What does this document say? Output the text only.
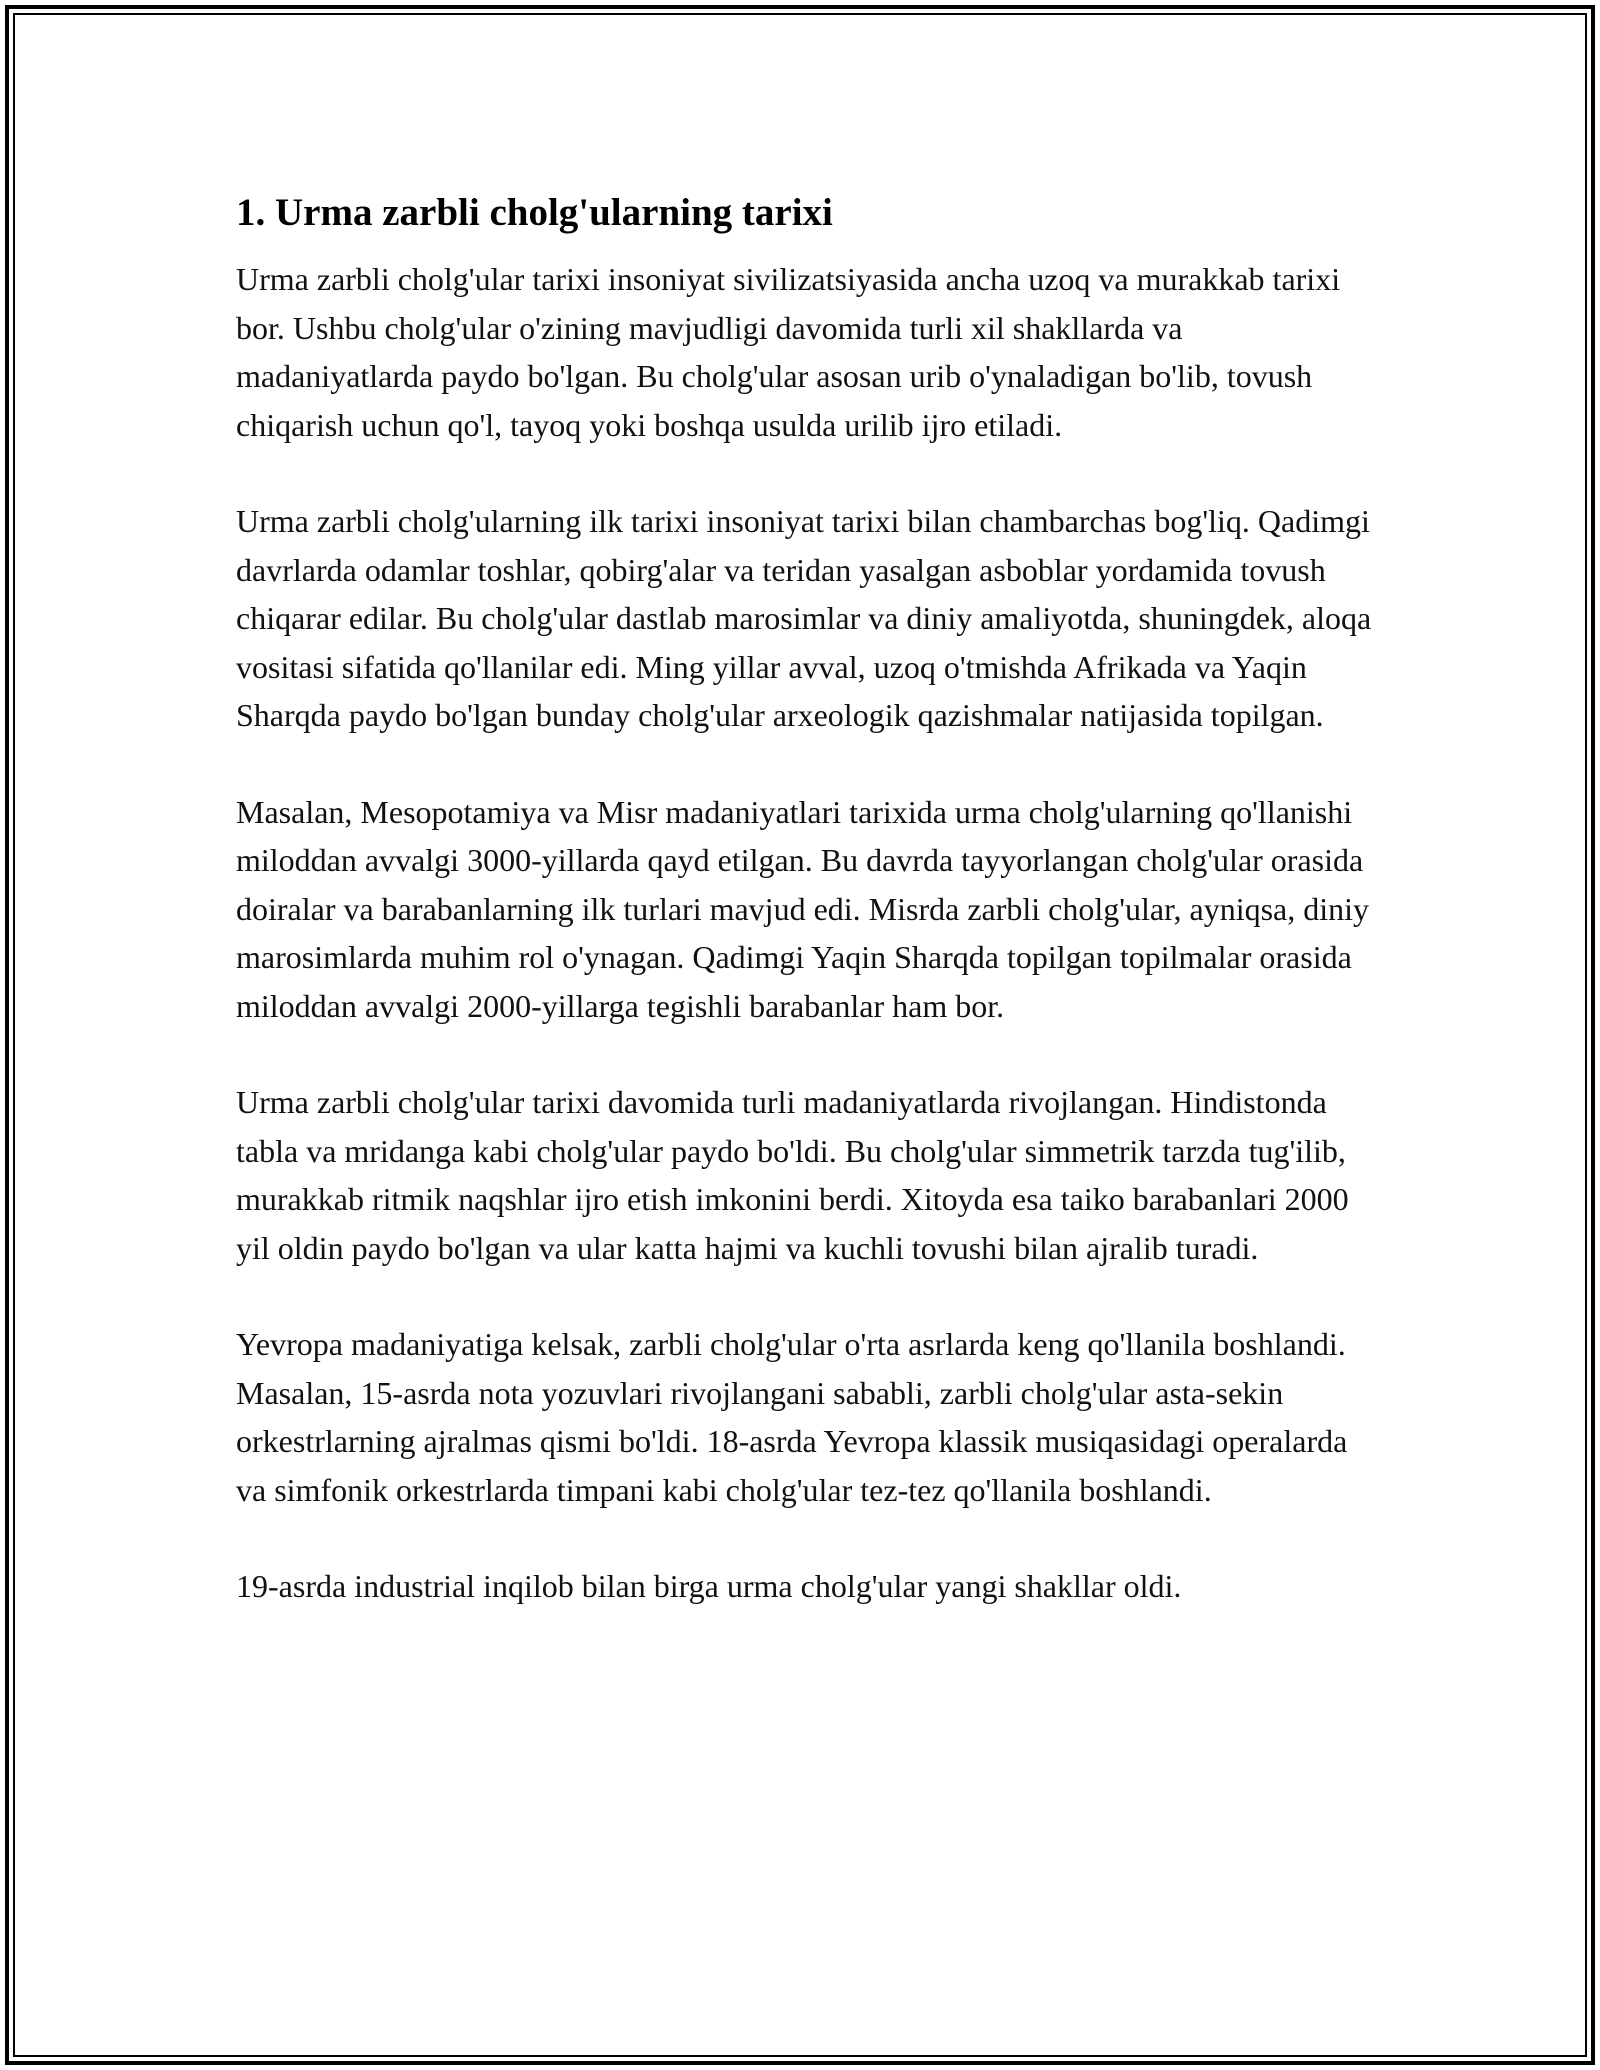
1. Urma zarbli cholg'ularning tarixi

Urma zarbli cholg'ular tarixi insoniyat sivilizatsiyasida ancha uzoq va murakkab tarixi bor. Ushbu cholg'ular o'zining mavjudligi davomida turli xil shakllarda va madaniyatlarda paydo bo'lgan. Bu cholg'ular asosan urib o'ynaladigan bo'lib, tovush chiqarish uchun qo'l, tayoq yoki boshqa usulda urilib ijro etiladi.

Urma zarbli cholg'ularning ilk tarixi insoniyat tarixi bilan chambarchas bog'liq. Qadimgi davrlarda odamlar toshlar, qobirg'alar va teridan yasalgan asboblar yordamida tovush chiqarar edilar. Bu cholg'ular dastlab marosimlar va diniy amaliyotda, shuningdek, aloqa vositasi sifatida qo'llanilar edi. Ming yillar avval, uzoq o'tmishda Afrikada va Yaqin Sharqda paydo bo'lgan bunday cholg'ular arxeologik qazishmalar natijasida topilgan.

Masalan, Mesopotamiya va Misr madaniyatlari tarixida urma cholg'ularning qo'llanishi miloddan avvalgi 3000-yillarda qayd etilgan. Bu davrda tayyorlangan cholg'ular orasida doiralar va barabanlarning ilk turlari mavjud edi. Misrda zarbli cholg'ular, ayniqsa, diniy marosimlarda muhim rol o'ynagan. Qadimgi Yaqin Sharqda topilgan topilmalar orasida miloddan avvalgi 2000-yillarga tegishli barabanlar ham bor.

Urma zarbli cholg'ular tarixi davomida turli madaniyatlarda rivojlangan. Hindistonda tabla va mridanga kabi cholg'ular paydo bo'ldi. Bu cholg'ular simmetrik tarzda tug'ilib, murakkab ritmik naqshlar ijro etish imkonini berdi. Xitoyda esa taiko barabanlari 2000 yil oldin paydo bo'lgan va ular katta hajmi va kuchli tovushi bilan ajralib turadi.

Yevropa madaniyatiga kelsak, zarbli cholg'ular o'rta asrlarda keng qo'llanila boshlandi. Masalan, 15-asrda nota yozuvlari rivojlangani sababli, zarbli cholg'ular asta-sekin orkestrlarning ajralmas qismi bo'ldi. 18-asrda Yevropa klassik musiqasidagi operalarda va simfonik orkestrlarda timpani kabi cholg'ular tez-tez qo'llanila boshlandi.

19-asrda industrial inqilob bilan birga urma cholg'ular yangi shakllar oldi.
